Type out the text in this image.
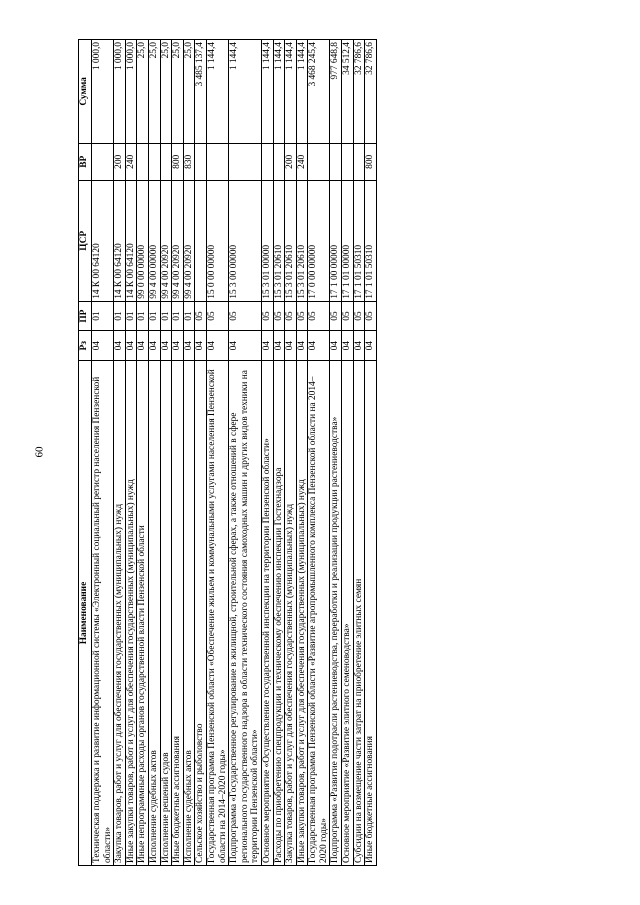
60
Наименование	Рз	ПР	ЦСР	ВР	Сумма
Техническая поддержка и развитие информационной системы «Электронный социальный регистр населения Пензенской области»	04	01	14 К 00 64120		1 000,0
Закупка товаров, работ и услуг для обеспечения государственных (муниципальных) нужд	04	01	14 К 00 64120	200	1 000,0
Иные закупки товаров, работ и услуг для обеспечения государственных (муниципальных) нужд	04	01	14 К 00 64120	240	1 000,0
Иные непрограммные расходы органов государственной власти Пензенской области	04	01	99 0 00 00000		25,0
Исполнение судебных актов	04	01	99 4 00 00000		25,0
Исполнение решений судов	04	01	99 4 00 20920		25,0
Иные бюджетные ассигнования	04	01	99 4 00 20920	800	25,0
Исполнение судебных актов	04	01	99 4 00 20920	830	25,0
Сельское хозяйство и рыболовство	04	05			3 485 137,4
Государственная программа Пензенской области «Обеспечение жильем и коммунальными услугами населения Пензенской области на 2014–2020 годы»	04	05	15 0 00 00000		1 144,4
Подпрограмма «Государственное регулирование в жилищной, строительной сферах, а также отношений в сфере регионального государственного надзора в области технического состояния самоходных машин и других видов техники на территории Пензенской области»	04	05	15 3 00 00000		1 144,4
Основное мероприятие «Осуществление государственной инспекции на территории Пензенской области»	04	05	15 3 01 00000		1 144,4
Расходы по приобретению спецпродукции и техническому обеспечению инспекции Гостехнадзора	04	05	15 3 01 20610		1 144,4
Закупка товаров, работ и услуг для обеспечения государственных (муниципальных) нужд	04	05	15 3 01 20610	200	1 144,4
Иные закупки товаров, работ и услуг для обеспечения государственных (муниципальных) нужд	04	05	15 3 01 20610	240	1 144,4
Государственная программа Пензенской области «Развитие агропромышленного комплекса Пензенской области на 2014–2020 годы»	04	05	17 0 00 00000		3 468 245,4
Подпрограмма «Развитие подотрасли растениеводства, переработки и реализации продукции растениеводства»	04	05	17 1 00 00000		977 648,8
Основное мероприятие «Развитие элитного семеноводства»	04	05	17 1 01 00000		34 512,4
Субсидии на возмещение части затрат на приобретение элитных семян	04	05	17 1 01 50310		32 786,6
Иные бюджетные ассигнования	04	05	17 1 01 50310	800	32 786,6
